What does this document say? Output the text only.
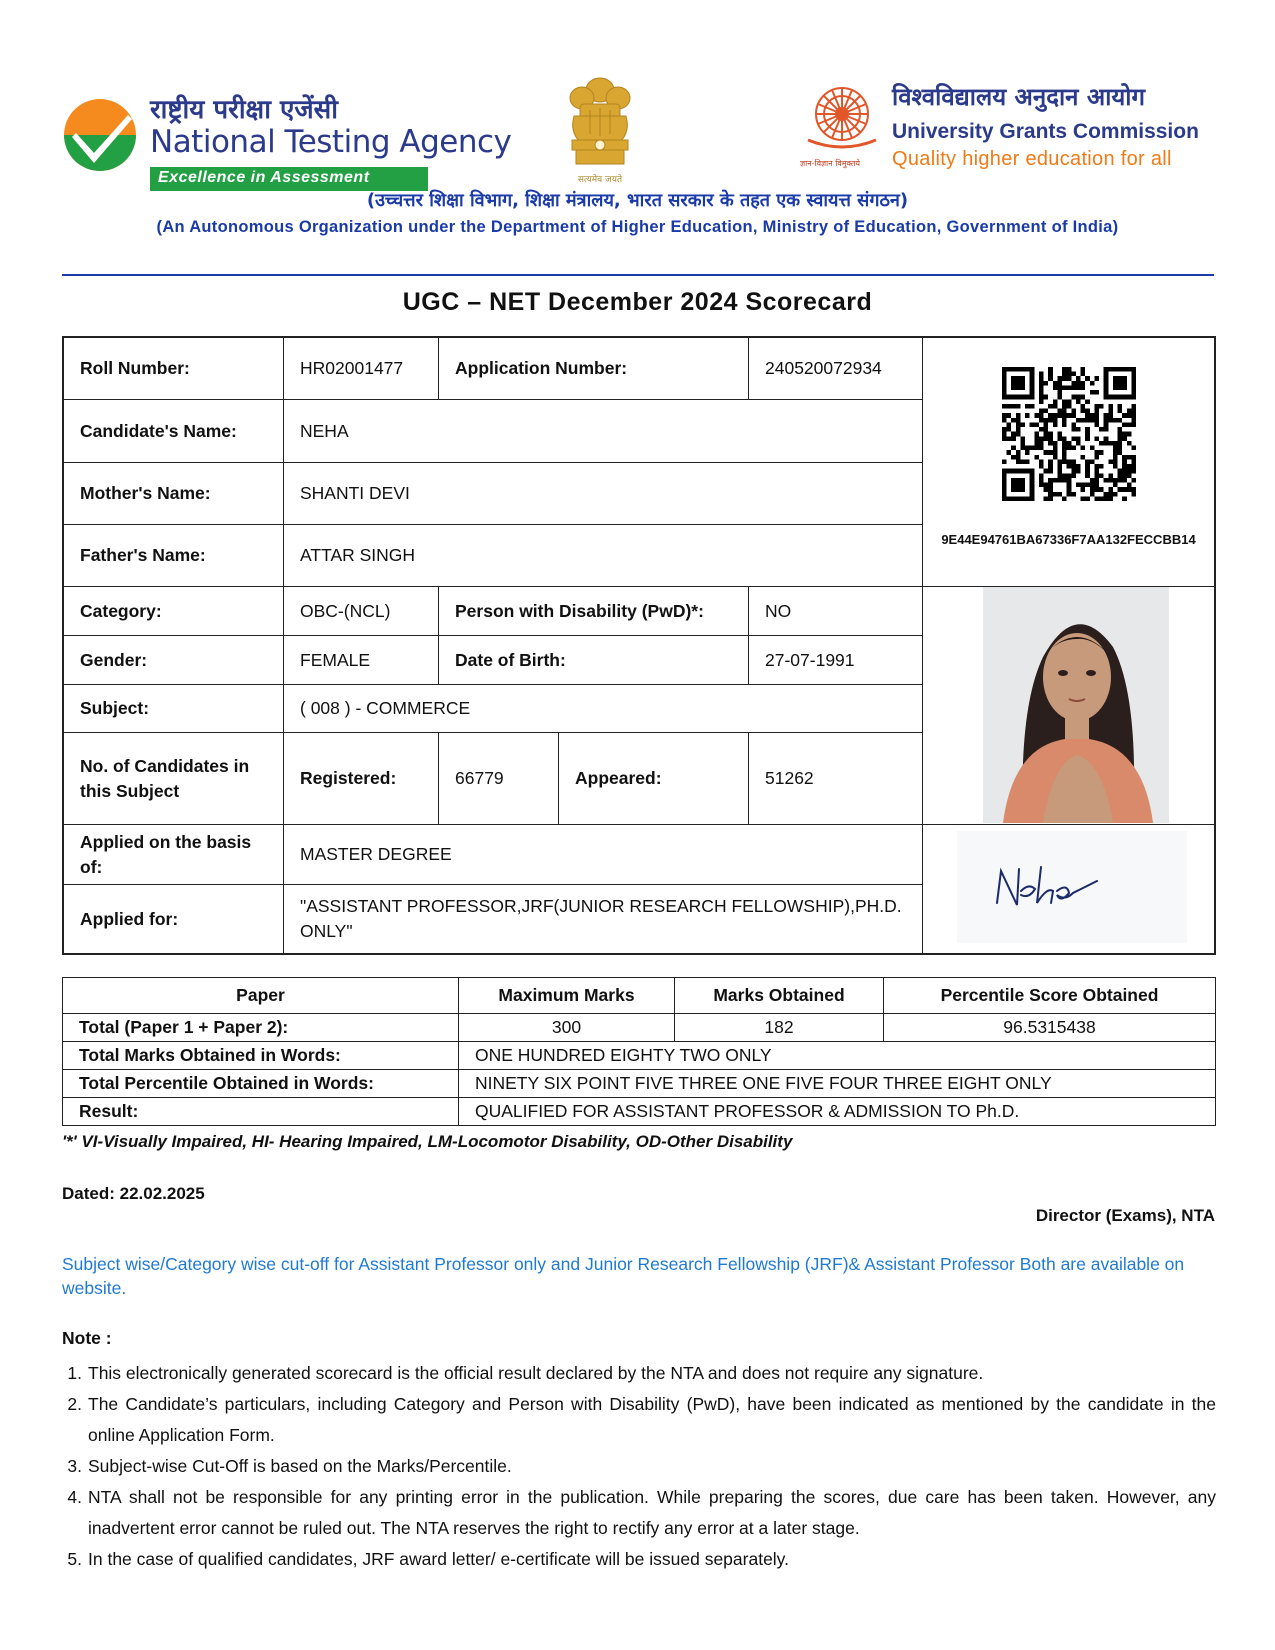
राष्ट्रीय परीक्षा एजेंसी
National Testing Agency
Excellence in Assessment	सत्यमेव जयते
ज्ञान-विज्ञान विमुक्तये
विश्वविद्यालय अनुदान आयोग
University Grants Commission
Quality higher education for all
(उच्चत्तर शिक्षा विभाग, शिक्षा मंत्रालय, भारत सरकार के तहत एक स्वायत्त संगठन)
(An Autonomous Organization under the Department of Higher Education, Ministry of Education, Government of India)
UGC – NET December 2024 Scorecard
Roll Number:	HR02001477	Application Number:	240520072934
Candidate's Name:	NEHA
Mother's Name:	SHANTI DEVI
Father's Name:	ATTAR SINGH
9E44E94761BA67336F7AA132FECCBB14
Category:	OBC-(NCL)	Person with Disability (PwD)*:	NO
Gender:	FEMALE	Date of Birth:	27-07-1991
Subject:	( 008 ) - COMMERCE
No. of Candidates in this Subject
Registered:	66779	Appeared:	51262
Applied on the basis of:
MASTER DEGREE
Applied for:
"ASSISTANT PROFESSOR,JRF(JUNIOR RESEARCH FELLOWSHIP),PH.D. ONLY"
Neha
Paper	Maximum Marks	Marks Obtained	Percentile Score Obtained
Total (Paper 1 + Paper 2):	300	182	96.5315438
Total Marks Obtained in Words:	ONE HUNDRED EIGHTY TWO ONLY		
Total Percentile Obtained in Words:	NINETY SIX POINT FIVE THREE ONE FIVE FOUR THREE EIGHT ONLY		
Result:	QUALIFIED FOR ASSISTANT PROFESSOR & ADMISSION TO Ph.D.		
'*' VI-Visually Impaired, HI- Hearing Impaired, LM-Locomotor Disability, OD-Other Disability
Dated: 22.02.2025
Director (Exams), NTA
Subject wise/Category wise cut-off for Assistant Professor only and Junior Research Fellowship (JRF)& Assistant Professor Both are available on website.
Note :
1. This electronically generated scorecard is the official result declared by the NTA and does not require any signature.
2. The Candidate’s particulars, including Category and Person with Disability (PwD), have been indicated as mentioned by the candidate in the online Application Form.
3. Subject-wise Cut-Off is based on the Marks/Percentile.
4. NTA shall not be responsible for any printing error in the publication. While preparing the scores, due care has been taken. However, any inadvertent error cannot be ruled out. The NTA reserves the right to rectify any error at a later stage.
5. In the case of qualified candidates, JRF award letter/ e-certificate will be issued separately.
